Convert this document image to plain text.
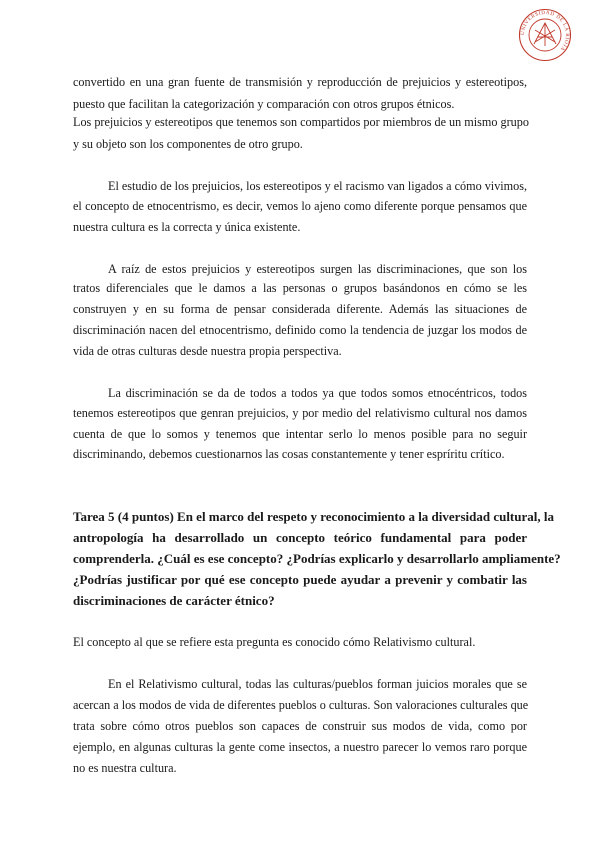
UNIVERSIDAD DE LA RIOJA
convertido en una gran fuente de transmisión y reproducción de prejuicios y estereotipos,
puesto que facilitan la categorización y comparación con otros grupos étnicos.
Los prejuicios y estereotipos que tenemos son compartidos por miembros de un mismo grupo
y su objeto son los componentes de otro grupo.
El estudio de los prejuicios, los estereotipos y el racismo van ligados a cómo vivimos,
el concepto de etnocentrismo, es decir, vemos lo ajeno como diferente porque pensamos que
nuestra cultura es la correcta y única existente.
A raíz de estos prejuicios y estereotipos surgen las discriminaciones, que son los
tratos diferenciales que le damos a las personas o grupos basándonos en cómo se les
construyen y en su forma de pensar considerada diferente. Además las situaciones de
discriminación nacen del etnocentrismo, definido como la tendencia de juzgar los modos de
vida de otras culturas desde nuestra propia perspectiva.
La discriminación se da de todos a todos ya que todos somos etnocéntricos, todos
tenemos estereotipos que genran prejuicios, y por medio del relativismo cultural nos damos
cuenta de que lo somos y tenemos que intentar serlo lo menos posible para no seguir
discriminando, debemos cuestionarnos las cosas constantemente y tener espríritu crítico.
Tarea 5 (4 puntos) En el marco del respeto y reconocimiento a la diversidad cultural, la
antropología ha desarrollado un concepto teórico fundamental para poder
comprenderla. ¿Cuál es ese concepto? ¿Podrías explicarlo y desarrollarlo ampliamente?
¿Podrías justificar por qué ese concepto puede ayudar a prevenir y combatir las
discriminaciones de carácter étnico?
El concepto al que se refiere esta pregunta es conocido cómo Relativismo cultural.
En el Relativismo cultural, todas las culturas/pueblos forman juicios morales que se
acercan a los modos de vida de diferentes pueblos o culturas. Son valoraciones culturales que
trata sobre cómo otros pueblos son capaces de construir sus modos de vida, como por
ejemplo, en algunas culturas la gente come insectos, a nuestro parecer lo vemos raro porque
no es nuestra cultura.
